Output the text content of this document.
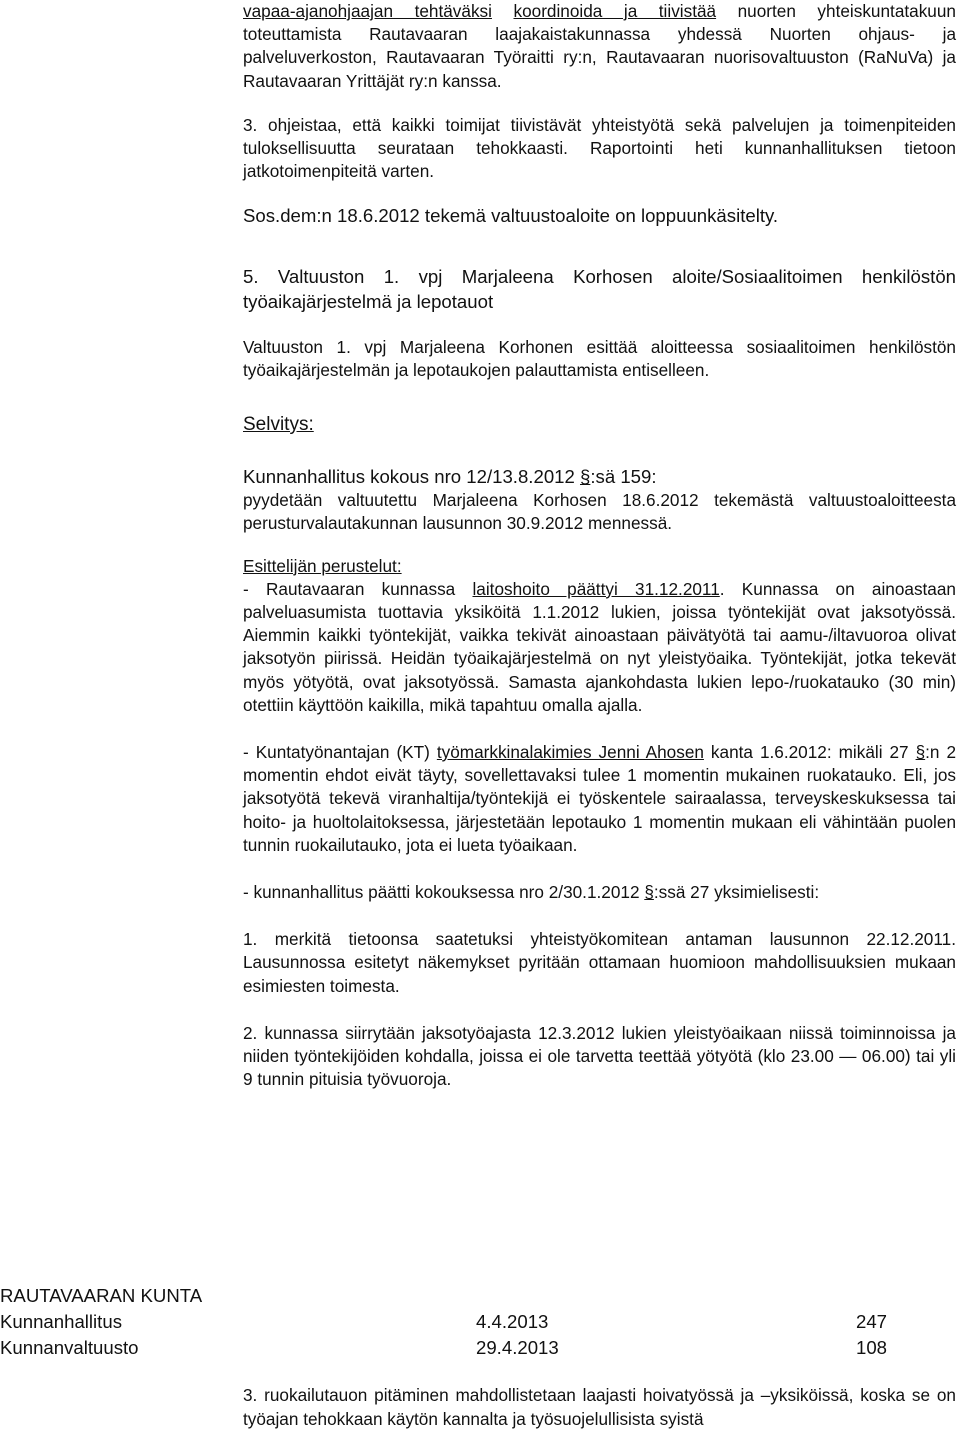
vapaa-ajanohjaajan tehtäväksi koordinoida ja tiivistää nuorten yhteiskuntatakuun toteuttamista Rautavaaran laajakaistakunnassa yhdessä Nuorten ohjaus- ja palveluverkoston, Rautavaaran Työraitti ry:n, Rautavaaran nuorisovaltuuston (RaNuVa) ja Rautavaaran Yrittäjät ry:n kanssa.

3. ohjeistaa, että kaikki toimijat tiivistävät yhteistyötä sekä palvelujen ja toimenpiteiden tuloksellisuutta seurataan tehokkaasti. Raportointi heti kunnanhallituksen tietoon jatkotoimenpiteitä varten.

Sos.dem:n 18.6.2012 tekemä valtuustoaloite on loppuunkäsitelty.

5. Valtuuston 1. vpj Marjaleena Korhosen aloite/Sosiaalitoimen henkilöstön työaikajärjestelmä ja lepotauot

Valtuuston 1. vpj Marjaleena Korhonen esittää aloitteessa sosiaalitoimen henkilöstön työaikajärjestelmän ja lepotaukojen palauttamista entiselleen.

Selvitys:

Kunnanhallitus kokous nro 12/13.8.2012 §:sä 159:

pyydetään valtuutettu Marjaleena Korhosen 18.6.2012 tekemästä valtuustoaloitteesta perusturvalautakunnan lausunnon 30.9.2012 mennessä.

Esittelijän perustelut:

- Rautavaaran kunnassa laitoshoito päättyi 31.12.2011. Kunnassa on ainoastaan palveluasumista tuottavia yksiköitä 1.1.2012 lukien, joissa työntekijät ovat jaksotyössä. Aiemmin kaikki työntekijät, vaikka tekivät ainoastaan päivätyötä tai aamu-/iltavuoroa olivat jaksotyön piirissä. Heidän työaikajärjestelmä on nyt yleistyöaika. Työntekijät, jotka tekevät myös yötyötä, ovat jaksotyössä. Samasta ajankohdasta lukien lepo-/ruokatauko (30 min) otettiin käyttöön kaikilla, mikä tapahtuu omalla ajalla.

- Kuntatyönantajan (KT) työmarkkinalakimies Jenni Ahosen kanta 1.6.2012: mikäli 27 §:n 2 momentin ehdot eivät täyty, sovellettavaksi tulee 1 momentin mukainen ruokatauko. Eli, jos jaksotyötä tekevä viranhaltija/työntekijä ei työskentele sairaalassa, terveyskeskuksessa tai hoito- ja huoltolaitoksessa, järjestetään lepotauko 1 momentin mukaan eli vähintään puolen tunnin ruokailutauko, jota ei lueta työaikaan.

- kunnanhallitus päätti kokouksessa nro 2/30.1.2012 §:ssä 27 yksimielisesti:

1. merkitä tietoonsa saatetuksi yhteistyökomitean antaman lausunnon 22.12.2011. Lausunnossa esitetyt näkemykset pyritään ottamaan huomioon mahdollisuuksien mukaan esimiesten toimesta.

2. kunnassa siirrytään jaksotyöajasta 12.3.2012 lukien yleistyöaikaan niissä toiminnoissa ja niiden työntekijöiden kohdalla, joissa ei ole tarvetta teettää yötyötä (klo 23.00 — 06.00) tai yli 9 tunnin pituisia työvuoroja.

RAUTAVAARAN KUNTA
Kunnanhallitus	4.4.2013	247
Kunnanvaltuusto	29.4.2013	108

3. ruokailutauon pitäminen mahdollistetaan laajasti hoivatyössä ja –yksiköissä, koska se on työajan tehokkaan käytön kannalta ja työsuojelullisista syistä
